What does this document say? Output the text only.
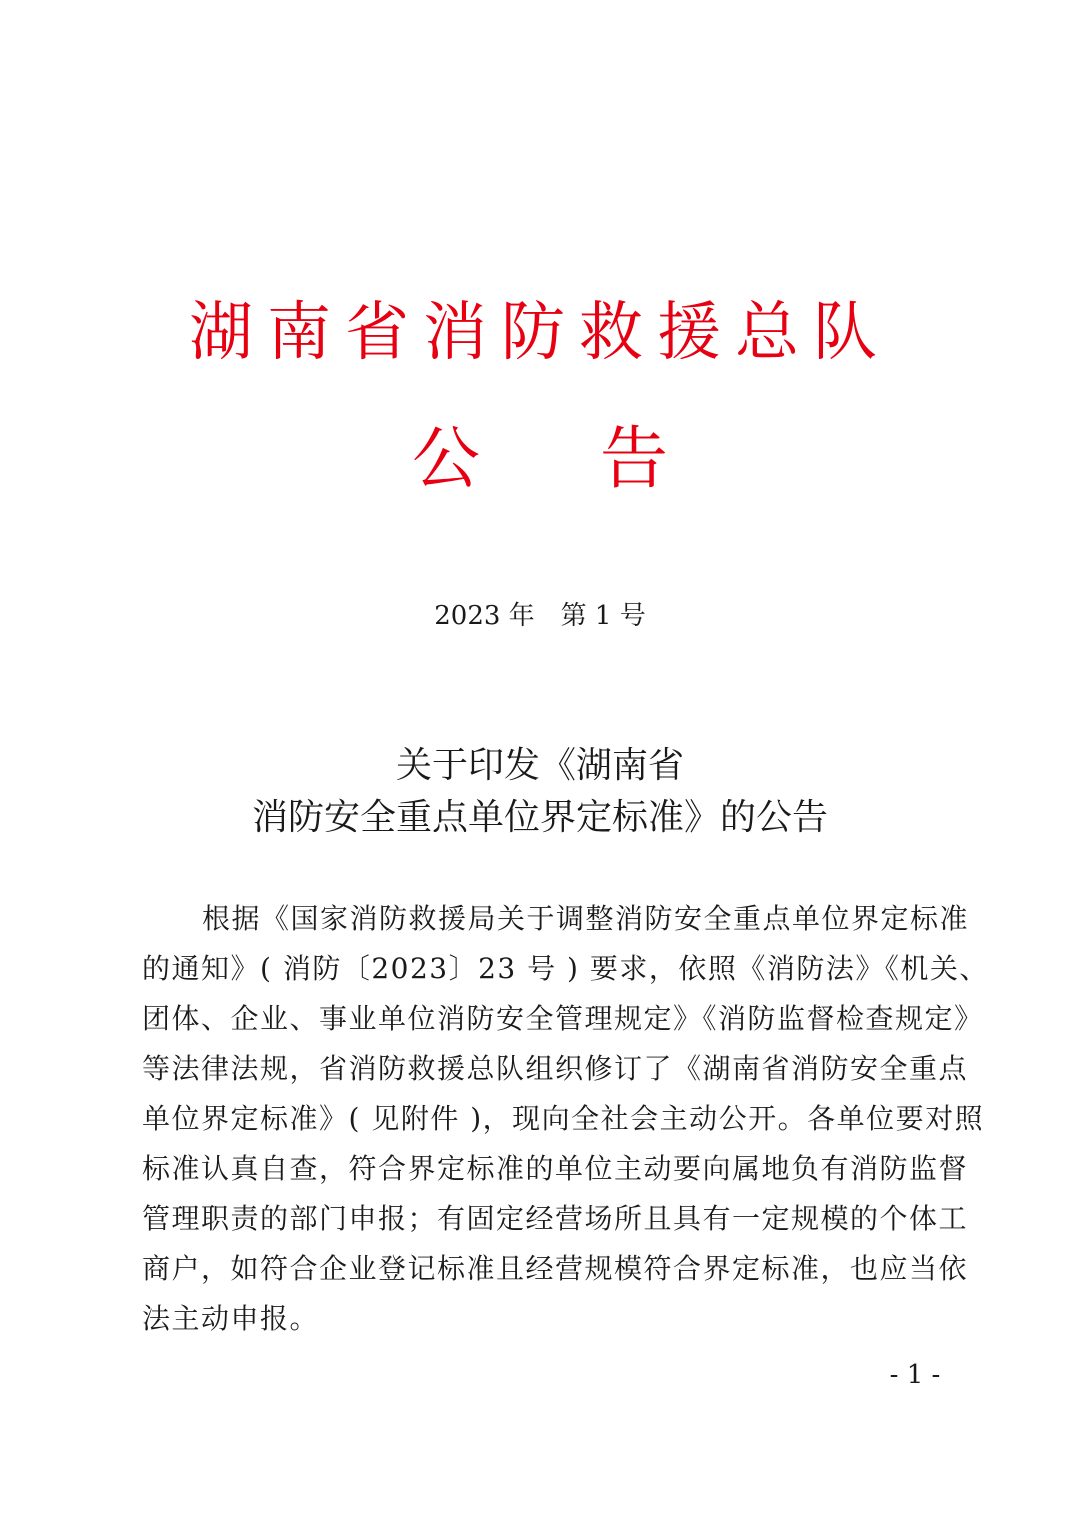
湖南省消防救援总队
公 告
2023 年　第 1 号
关于印发《湖南省
消防安全重点单位界定标准》的公告
根据《国家消防救援局关于调整消防安全重点单位界定标准
的通知》( 消防〔2023〕23 号 ) 要求，依照《消防法》《机关、
团体、企业、事业单位消防安全管理规定》《消防监督检查规定》
等法律法规，省消防救援总队组织修订了《湖南省消防安全重点
单位界定标准》( 见附件 )，现向全社会主动公开。各单位要对照
标准认真自查，符合界定标准的单位主动要向属地负有消防监督
管理职责的部门申报；有固定经营场所且具有一定规模的个体工
商户，如符合企业登记标准且经营规模符合界定标准，也应当依
法主动申报。
- 1 -
